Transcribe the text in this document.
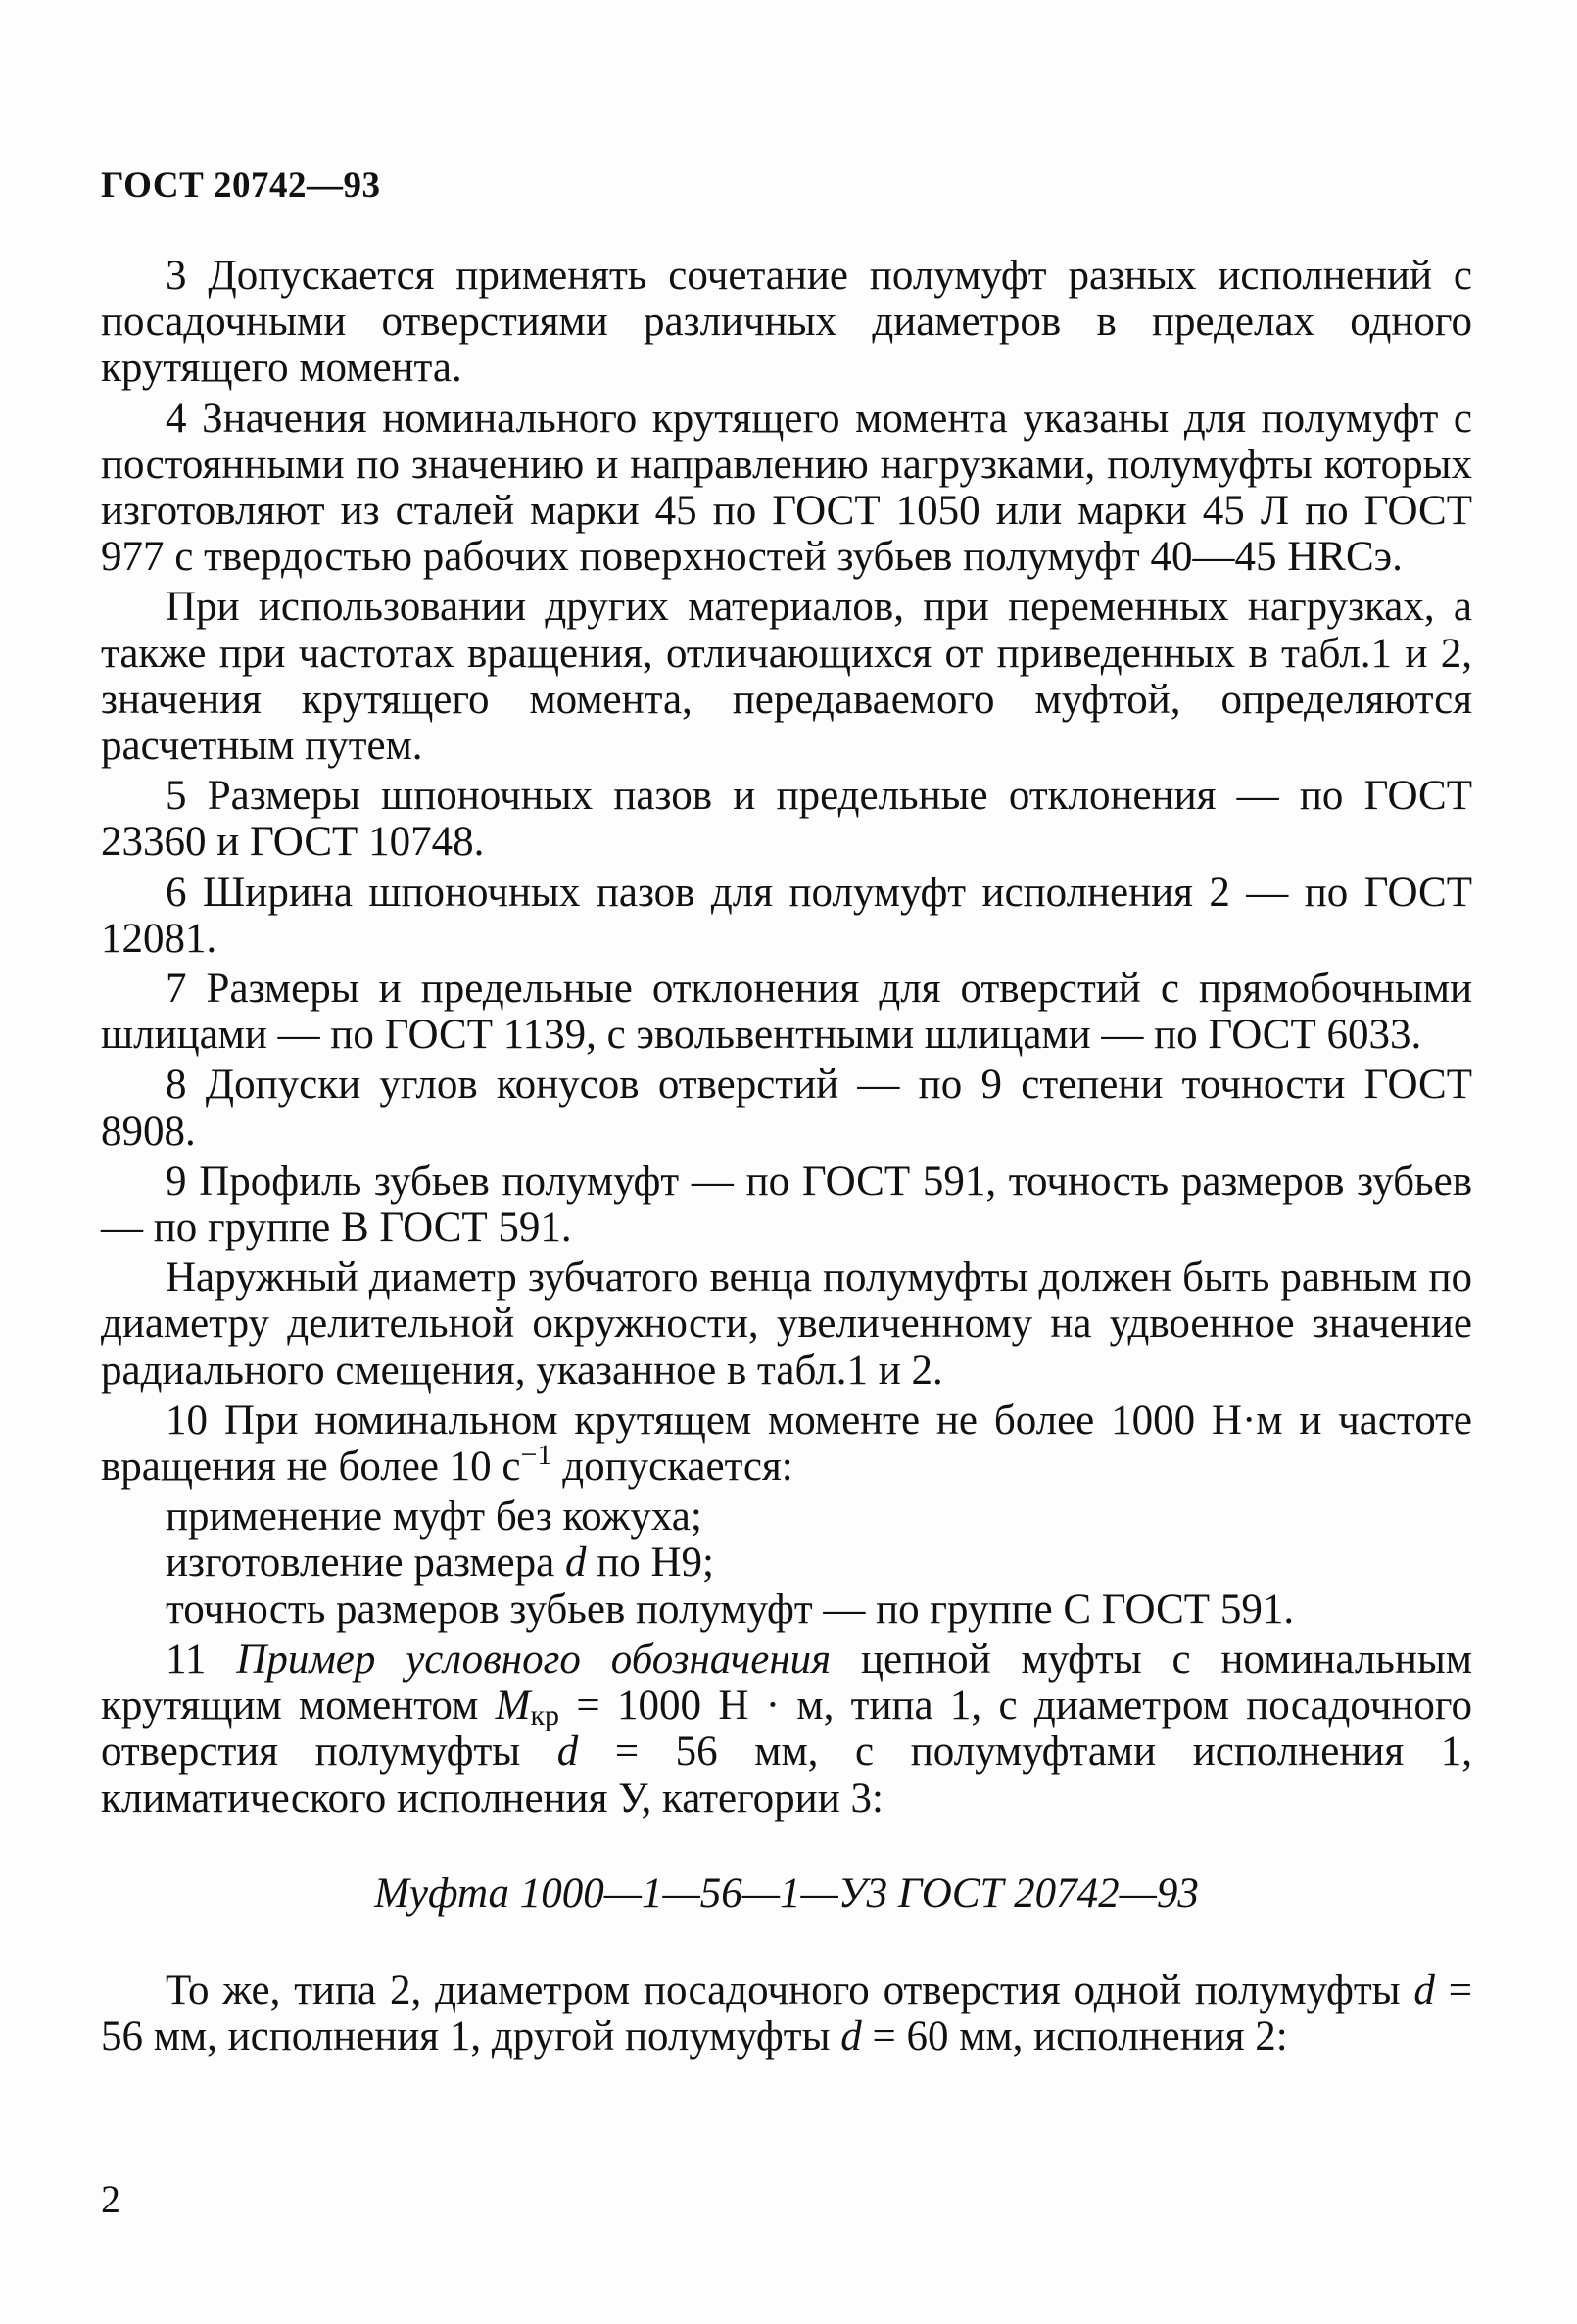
ГОСТ 20742—93

3 Допускается применять сочетание полумуфт разных исполнений с посадочными отверстиями различных диаметров в пределах одного крутящего момента.

4 Значения номинального крутящего момента указаны для полумуфт с постоянными по значению и направлению нагрузками, полумуфты которых изготовляют из сталей марки 45 по ГОСТ 1050 или марки 45 Л по ГОСТ 977 с твердостью рабочих поверхностей зубьев полумуфт 40—45 HRCэ.

При использовании других материалов, при переменных нагрузках, а также при частотах вращения, отличающихся от приведенных в табл.1 и 2, значения крутящего момента, передаваемого муфтой, определяются расчетным путем.

5 Размеры шпоночных пазов и предельные отклонения — по ГОСТ 23360 и ГОСТ 10748.

6 Ширина шпоночных пазов для полумуфт исполнения 2 — по ГОСТ 12081.

7 Размеры и предельные отклонения для отверстий с прямобочными шлицами — по ГОСТ 1139, с эвольвентными шлицами — по ГОСТ 6033.

8 Допуски углов конусов отверстий — по 9 степени точности ГОСТ 8908.

9 Профиль зубьев полумуфт — по ГОСТ 591, точность размеров зубьев — по группе В ГОСТ 591.

Наружный диаметр зубчатого венца полумуфты должен быть равным по диаметру делительной окружности, увеличенному на удвоенное значение радиального смещения, указанное в табл.1 и 2.

10 При номинальном крутящем моменте не более 1000 Н·м и частоте вращения не более 10 $с^{-1}$ допускается:

применение муфт без кожуха;

изготовление размера d по H9;

точность размеров зубьев полумуфт — по группе С ГОСТ 591.

11 Пример условного обозначения цепной муфты с номинальным крутящим моментом $M_{кр} = 1000$ Н · м, типа 1, с диаметром посадочного отверстия полумуфты d = 56 мм, с полумуфтами исполнения 1, климатического исполнения У, категории 3:

Муфта 1000—1—56—1—У3 ГОСТ 20742—93

То же, типа 2, диаметром посадочного отверстия одной полумуфты d = 56 мм, исполнения 1, другой полумуфты d = 60 мм, исполнения 2:

2
